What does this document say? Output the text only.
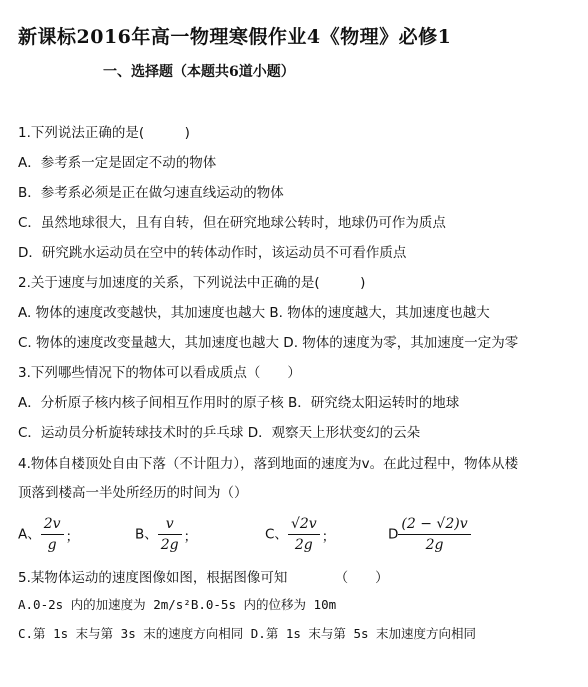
新课标2016年高一物理寒假作业4《物理》必修1
一、选择题（本题共6道小题）
1.下列说法正确的是(　　　)
A．参考系一定是固定不动的物体
B．参考系必须是正在做匀速直线运动的物体
C．虽然地球很大，且有自转，但在研究地球公转时，地球仍可作为质点
D．研究跳水运动员在空中的转体动作时，该运动员不可看作质点
2.关于速度与加速度的关系，下列说法中正确的是(　　　)
A. 物体的速度改变越快，其加速度也越大 B. 物体的速度越大，其加速度也越大
C. 物体的速度改变量越大，其加速度也越大 D. 物体的速度为零，其加速度一定为零
3.下列哪些情况下的物体可以看成质点（　　）
A．分析原子核内核子间相互作用时的原子核 B．研究绕太阳运转时的地球
C．运动员分析旋转球技术时的乒乓球 D．观察天上形状变幻的云朵
4.物体自楼顶处自由下落（不计阻力），落到地面的速度为v。在此过程中，物体从楼
顶落到楼高一半处所经历的时间为（）
A、 $\frac{2v}{g}$ ；	B、 $\frac{v}{2g}$ ；	C、 $\frac{√2v}{2g}$ ；	D $\frac{(2 - √2)v}{2g}$
5.某物体运动的速度图像如图，根据图像可知　　　　（　　）
A.0-2s 内的加速度为 2m/s²B.0-5s 内的位移为 10m
C.第 1s 末与第 3s 末的速度方向相同 D.第 1s 末与第 5s 末加速度方向相同
